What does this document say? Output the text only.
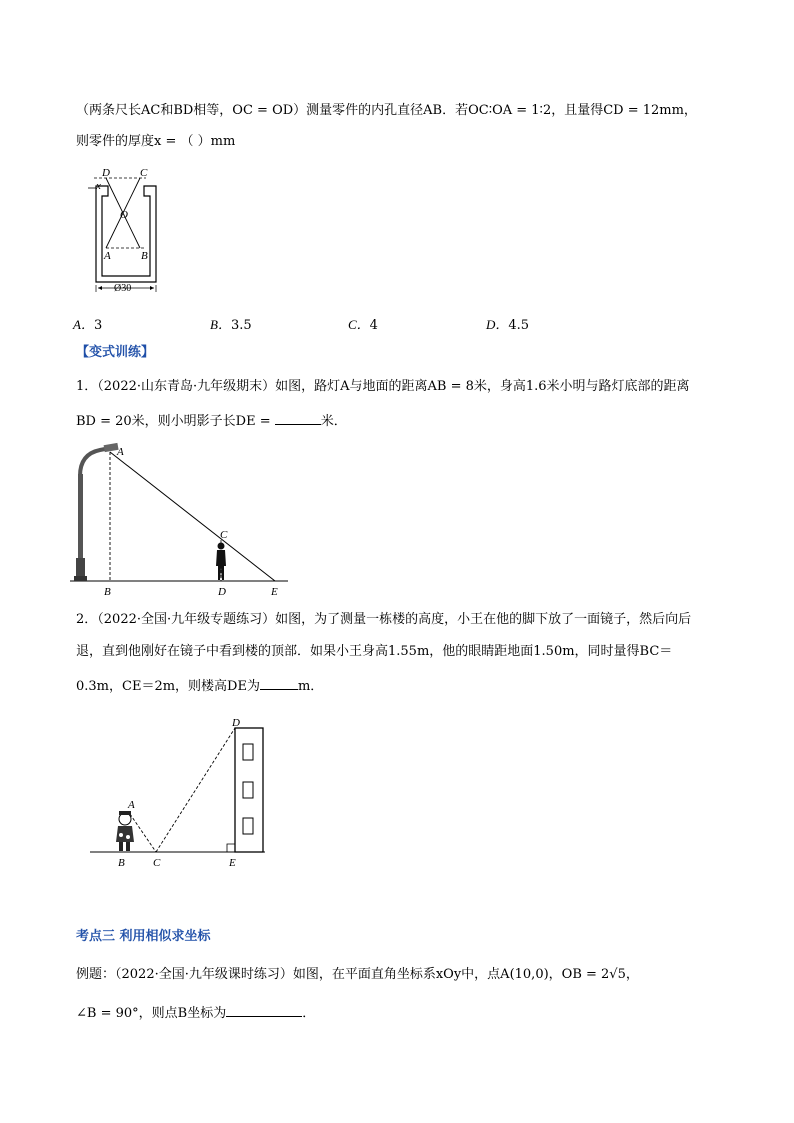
（两条尺长AC和BD相等，OC = OD）测量零件的内孔直径AB．若OC∶OA = 1∶2，且量得CD = 12mm，
则零件的厚度x = （ ）mm
D	C
x
O
A	B
Ø30
A．3	B．3.5	C．4	D．4.5
【变式训练】
1．（2022·山东青岛·九年级期末）如图，路灯A与地面的距离AB = 8米，身高1.6米小明与路灯底部的距离
BD = 20米，则小明影子长DE =	米．
A
C
B	D	E
2．（2022·全国·九年级专题练习）如图，为了测量一栋楼的高度，小王在他的脚下放了一面镜子，然后向后
退，直到他刚好在镜子中看到楼的顶部．如果小王身高1.55m，他的眼睛距地面1.50m，同时量得BC＝
0.3m，CE＝2m，则楼高DE为	m．
D
A
B	C	E
考点三 利用相似求坐标
例题：（2022·全国·九年级课时练习）如图，在平面直角坐标系xOy中，点A(10,0)，OB = 2√5，
∠B = 90°，则点B坐标为	．
